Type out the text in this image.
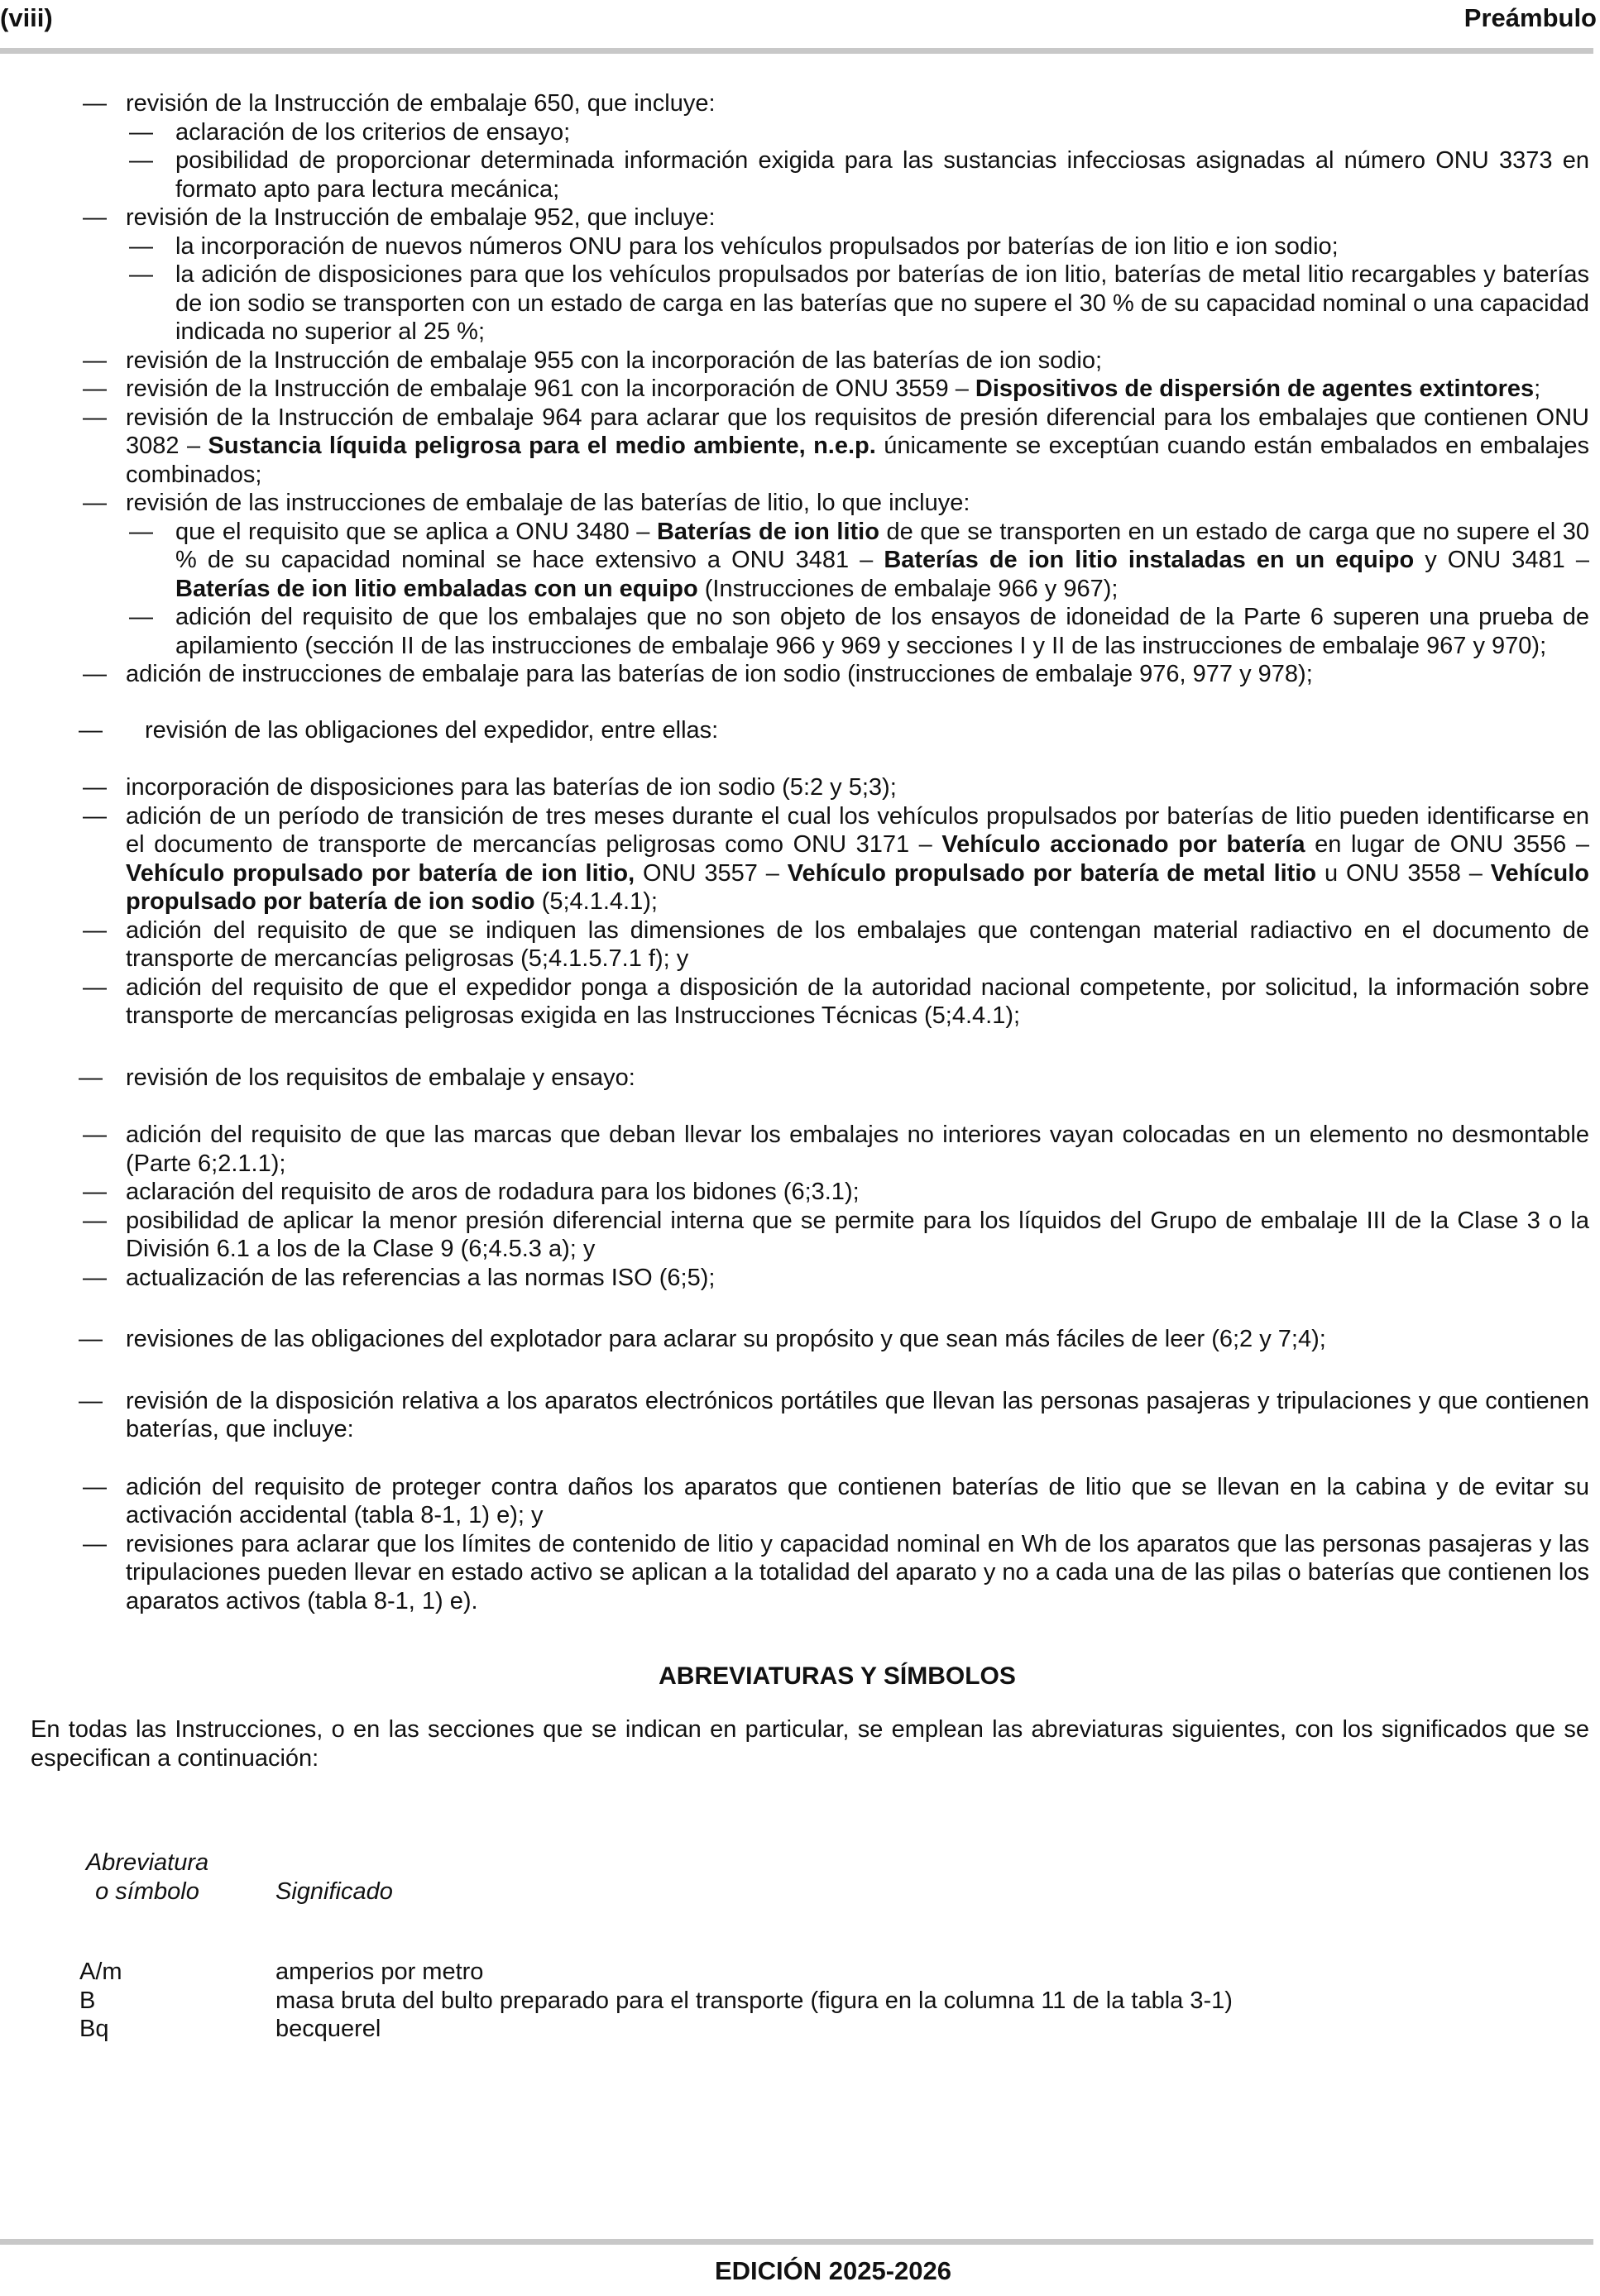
(viii)	Preámbulo
— revisión de la Instrucción de embalaje 650, que incluye:
— aclaración de los criterios de ensayo;
— posibilidad de proporcionar determinada información exigida para las sustancias infecciosas asignadas al número ONU 3373 en formato apto para lectura mecánica;
— revisión de la Instrucción de embalaje 952, que incluye:
— la incorporación de nuevos números ONU para los vehículos propulsados por baterías de ion litio e ion sodio;
— la adición de disposiciones para que los vehículos propulsados por baterías de ion litio, baterías de metal litio recargables y baterías de ion sodio se transporten con un estado de carga en las baterías que no supere el 30 % de su capacidad nominal o una capacidad indicada no superior al 25 %;
— revisión de la Instrucción de embalaje 955 con la incorporación de las baterías de ion sodio;
— revisión de la Instrucción de embalaje 961 con la incorporación de ONU 3559 – Dispositivos de dispersión de agentes extintores;
— revisión de la Instrucción de embalaje 964 para aclarar que los requisitos de presión diferencial para los embalajes que contienen ONU 3082 – Sustancia líquida peligrosa para el medio ambiente, n.e.p. únicamente se exceptúan cuando están embalados en embalajes combinados;
— revisión de las instrucciones de embalaje de las baterías de litio, lo que incluye:
— que el requisito que se aplica a ONU 3480 – Baterías de ion litio de que se transporten en un estado de carga que no supere el 30 % de su capacidad nominal se hace extensivo a ONU 3481 – Baterías de ion litio instaladas en un equipo y ONU 3481 – Baterías de ion litio embaladas con un equipo (Instrucciones de embalaje 966 y 967);
— adición del requisito de que los embalajes que no son objeto de los ensayos de idoneidad de la Parte 6 superen una prueba de apilamiento (sección II de las instrucciones de embalaje 966 y 969 y secciones I y II de las instrucciones de embalaje 967 y 970);
— adición de instrucciones de embalaje para las baterías de ion sodio (instrucciones de embalaje 976, 977 y 978);
— revisión de las obligaciones del expedidor, entre ellas:
— incorporación de disposiciones para las baterías de ion sodio (5:2 y 5;3);
— adición de un período de transición de tres meses durante el cual los vehículos propulsados por baterías de litio pueden identificarse en el documento de transporte de mercancías peligrosas como ONU 3171 – Vehículo accionado por batería en lugar de ONU 3556 – Vehículo propulsado por batería de ion litio, ONU 3557 – Vehículo propulsado por batería de metal litio u ONU 3558 – Vehículo propulsado por batería de ion sodio (5;4.1.4.1);
— adición del requisito de que se indiquen las dimensiones de los embalajes que contengan material radiactivo en el documento de transporte de mercancías peligrosas (5;4.1.5.7.1 f); y
— adición del requisito de que el expedidor ponga a disposición de la autoridad nacional competente, por solicitud, la información sobre transporte de mercancías peligrosas exigida en las Instrucciones Técnicas (5;4.4.1);
— revisión de los requisitos de embalaje y ensayo:
— adición del requisito de que las marcas que deban llevar los embalajes no interiores vayan colocadas en un elemento no desmontable (Parte 6;2.1.1);
— aclaración del requisito de aros de rodadura para los bidones (6;3.1);
— posibilidad de aplicar la menor presión diferencial interna que se permite para los líquidos del Grupo de embalaje III de la Clase 3 o la División 6.1 a los de la Clase 9 (6;4.5.3 a); y
— actualización de las referencias a las normas ISO (6;5);
— revisiones de las obligaciones del explotador para aclarar su propósito y que sean más fáciles de leer (6;2 y 7;4);
— revisión de la disposición relativa a los aparatos electrónicos portátiles que llevan las personas pasajeras y tripulaciones y que contienen baterías, que incluye:
— adición del requisito de proteger contra daños los aparatos que contienen baterías de litio que se llevan en la cabina y de evitar su activación accidental (tabla 8-1, 1) e); y
— revisiones para aclarar que los límites de contenido de litio y capacidad nominal en Wh de los aparatos que las personas pasajeras y las tripulaciones pueden llevar en estado activo se aplican a la totalidad del aparato y no a cada una de las pilas o baterías que contienen los aparatos activos (tabla 8-1, 1) e).
ABREVIATURAS Y SÍMBOLOS
En todas las Instrucciones, o en las secciones que se indican en particular, se emplean las abreviaturas siguientes, con los significados que se especifican a continuación:
Abreviatura
o símbolo	Significado
A/m	amperios por metro
B	masa bruta del bulto preparado para el transporte (figura en la columna 11 de la tabla 3-1)
Bq	becquerel
EDICIÓN 2025-2026
